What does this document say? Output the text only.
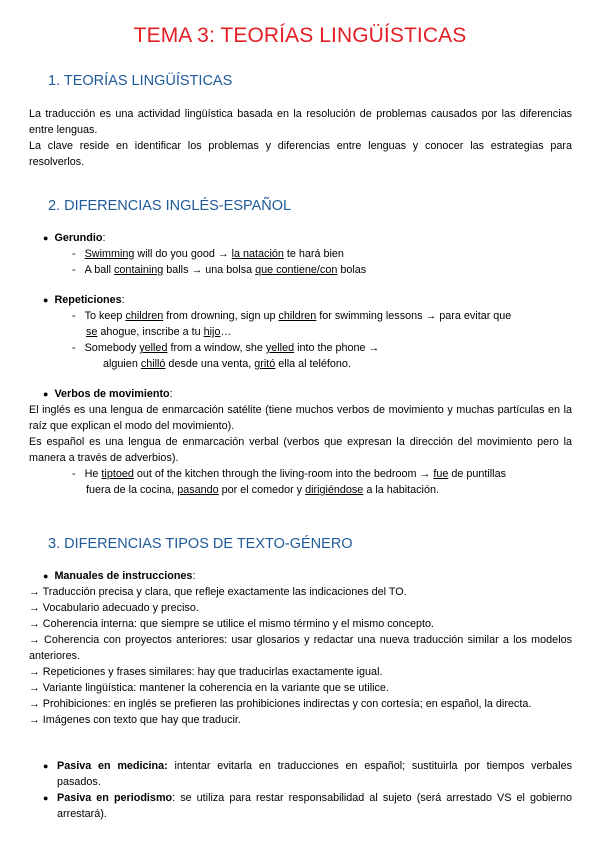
TEMA 3: TEORÍAS LINGÜÍSTICAS
1. TEORÍAS LINGÜÍSTICAS
La traducción es una actividad lingüística basada en la resolución de problemas causados por las diferencias entre lenguas.
La clave reside en identificar los problemas y diferencias entre lenguas y conocer las estrategias para resolverlos.
2. DIFERENCIAS INGLÉS-ESPAÑOL
● Gerundio:
-   Swimming will do you good → la natación te hará bien
-   A ball containing balls → una bolsa que contiene/con bolas
● Repeticiones:
-   To keep children from drowning, sign up children for swimming lessons → para evitar que
se ahogue, inscribe a tu hijo…
-   Somebody yelled from a window, she yelled into the phone →
alguien chilló desde una venta, gritó ella al teléfono.
● Verbos de movimiento:
El inglés es una lengua de enmarcación satélite (tiene muchos verbos de movimiento y muchas partículas en la raíz que explican el modo del movimiento).
Es español es una lengua de enmarcación verbal (verbos que expresan la dirección del movimiento pero la manera a través de adverbios).
-   He tiptoed out of the kitchen through the living-room into the bedroom → fue de puntillas
fuera de la cocina, pasando por el comedor y dirigiéndose a la habitación.
3. DIFERENCIAS TIPOS DE TEXTO-GÉNERO
● Manuales de instrucciones:
→ Traducción precisa y clara, que refleje exactamente las indicaciones del TO.
→ Vocabulario adecuado y preciso.
→ Coherencia interna: que siempre se utilice el mismo término y el mismo concepto.
→ Coherencia con proyectos anteriores: usar glosarios y redactar una nueva traducción similar a los modelos anteriores.
→ Repeticiones y frases similares: hay que traducirlas exactamente igual.
→ Variante lingüística: mantener la coherencia en la variante que se utilice.
→ Prohibiciones: en inglés se prefieren las prohibiciones indirectas y con cortesía; en español, la directa.
→ Imágenes con texto que hay que traducir.
● Pasiva en medicina: intentar evitarla en traducciones en español; sustituirla por tiempos verbales pasados.
● Pasiva en periodismo: se utiliza para restar responsabilidad al sujeto (será arrestado VS el gobierno arrestará).
